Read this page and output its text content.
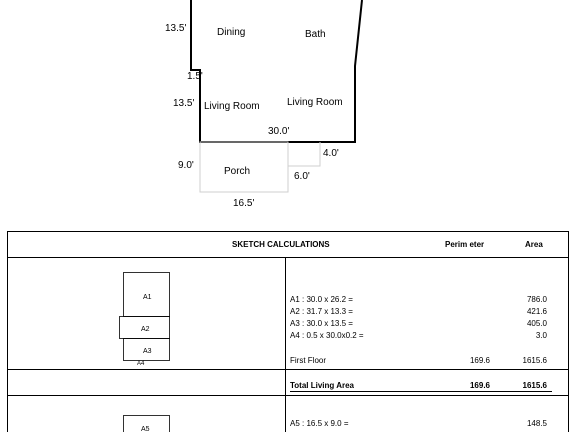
Dining	Bath
Living Room	Living Room
Porch
13.5'
1.5'
13.5'
30.0'
9.0'
16.5'
4.0'
6.0'
SKETCH CALCULATIONS	Perim eter	Area
A1
A2
A3
A4
A5
A1 : 30.0 x 26.2 =	786.0
A2 : 31.7 x 13.3 =	421.6
A3 : 30.0 x 13.5 =	405.0
A4 : 0.5 x 30.0x0.2 =	3.0
First Floor	169.6	1615.6
Total Living Area	169.6	1615.6
A5 : 16.5 x 9.0 =	148.5
